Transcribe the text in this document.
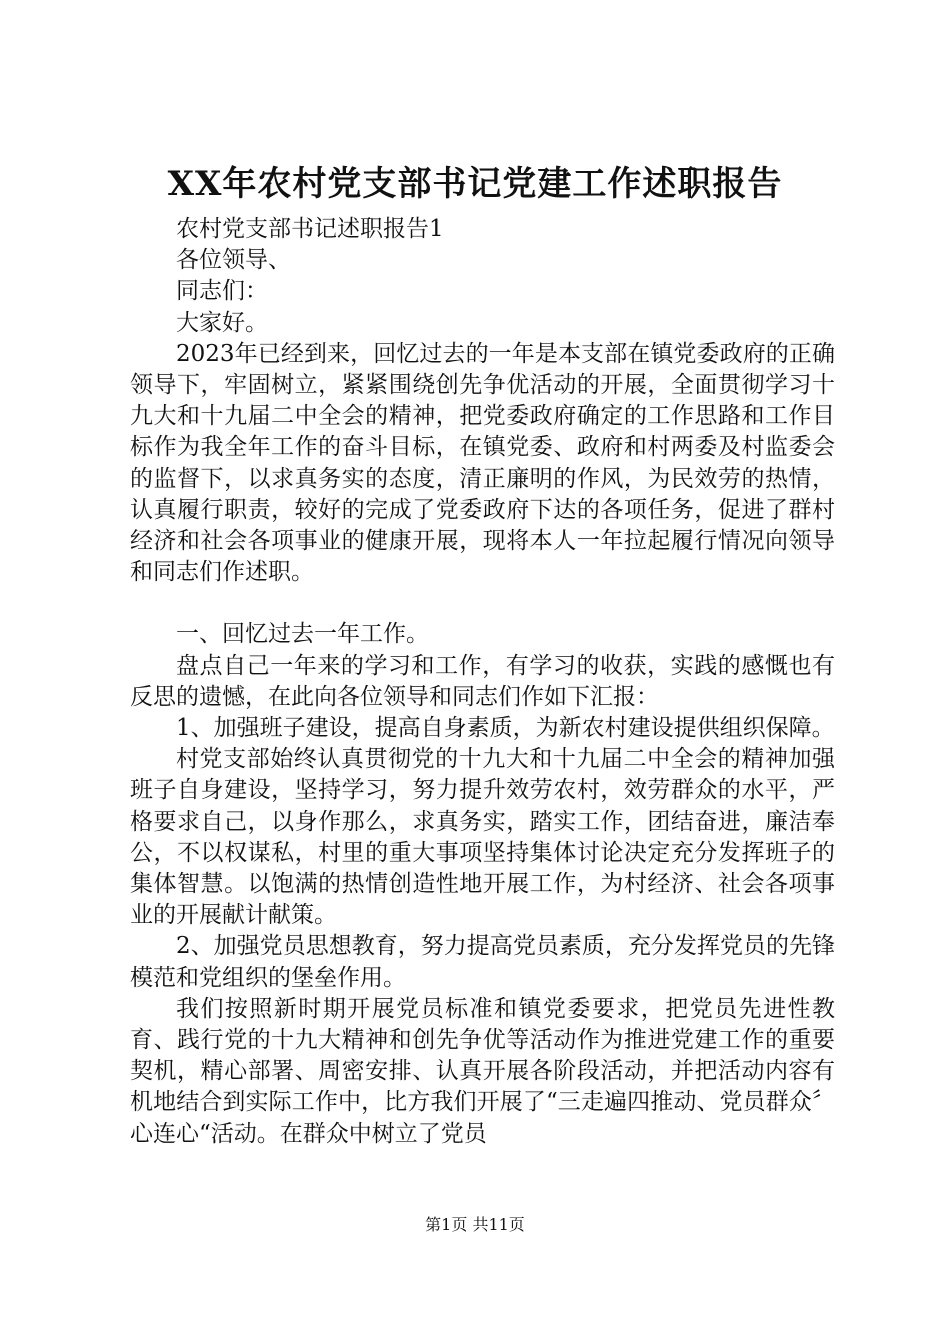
XX年农村党支部书记党建工作述职报告

农村党支部书记述职报告1

各位领导、

同志们：

大家好。

2023年已经到来，回忆过去的一年是本支部在镇党委政府的正确领导下，牢固树立，紧紧围绕创先争优活动的开展，全面贯彻学习十九大和十九届二中全会的精神，把党委政府确定的工作思路和工作目标作为我全年工作的奋斗目标，在镇党委、政府和村两委及村监委会的监督下，以求真务实的态度，清正廉明的作风，为民效劳的热情，认真履行职责，较好的完成了党委政府下达的各项任务，促进了群村经济和社会各项事业的健康开展，现将本人一年拉起履行情况向领导和同志们作述职。

一、回忆过去一年工作。

盘点自己一年来的学习和工作，有学习的收获，实践的感慨也有反思的遗憾，在此向各位领导和同志们作如下汇报：

1、加强班子建设，提高自身素质，为新农村建设提供组织保障。

村党支部始终认真贯彻党的十九大和十九届二中全会的精神加强班子自身建设，坚持学习，努力提升效劳农村，效劳群众的水平，严格要求自己，以身作那么，求真务实，踏实工作，团结奋进，廉洁奉公，不以权谋私，村里的重大事项坚持集体讨论决定充分发挥班子的集体智慧。以饱满的热情创造性地开展工作，为村经济、社会各项事业的开展献计献策。

2、加强党员思想教育，努力提高党员素质，充分发挥党员的先锋模范和党组织的堡垒作用。

我们按照新时期开展党员标准和镇党委要求，把党员先进性教育、践行党的十九大精神和创先争优等活动作为推进党建工作的重要契机，精心部署、周密安排、认真开展各阶段活动，并把活动内容有机地结合到实际工作中，比方我们开展了“三走遍四推动、党员群众〞心连心“活动。在群众中树立了党员

第1页 共11页
